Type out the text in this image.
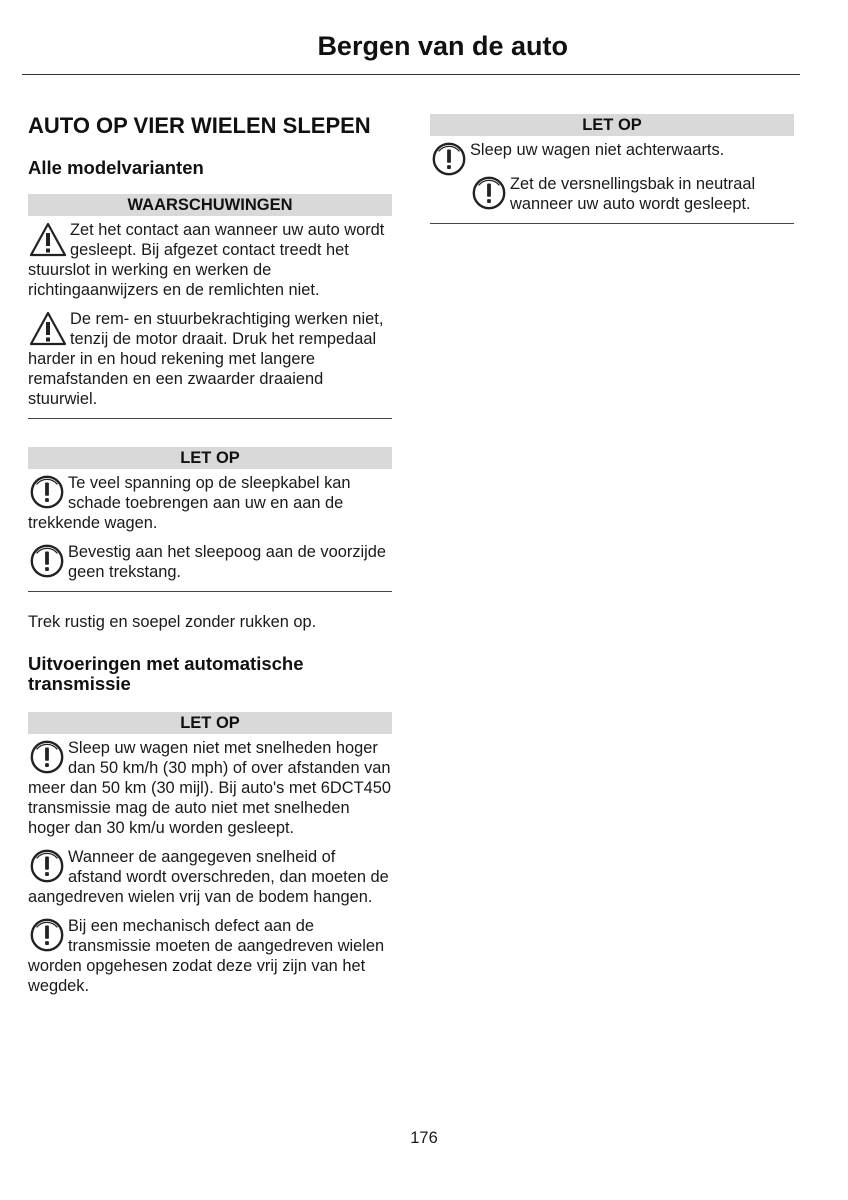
Bergen van de auto
AUTO OP VIER WIELEN SLEPEN
Alle modelvarianten
WAARSCHUWINGEN

Zet het contact aan wanneer uw auto wordt gesleept. Bij afgezet contact treedt het stuurslot in werking en werken de richtingaanwijzers en de remlichten niet.

De rem- en stuurbekrachtiging werken niet, tenzij de motor draait. Druk het rempedaal harder in en houd rekening met langere remafstanden en een zwaarder draaiend stuurwiel.

LET OP

Te veel spanning op de sleepkabel kan schade toebrengen aan uw en aan de trekkende wagen.

Bevestig aan het sleepoog aan de voorzijde geen trekstang.

Trek rustig en soepel zonder rukken op.

Uitvoeringen met automatische transmissie
LET OP

Sleep uw wagen niet met snelheden hoger dan 50 km/h (30 mph) of over afstanden van meer dan 50 km (30 mijl). Bij auto's met 6DCT450 transmissie mag de auto niet met snelheden hoger dan 30 km/u worden gesleept.

Wanneer de aangegeven snelheid of afstand wordt overschreden, dan moeten de aangedreven wielen vrij van de bodem hangen.

Bij een mechanisch defect aan de transmissie moeten de aangedreven wielen worden opgehesen zodat deze vrij zijn van het wegdek.

LET OP

Sleep uw wagen niet achterwaarts.

Zet de versnellingsbak in neutraal wanneer uw auto wordt gesleept.

176
